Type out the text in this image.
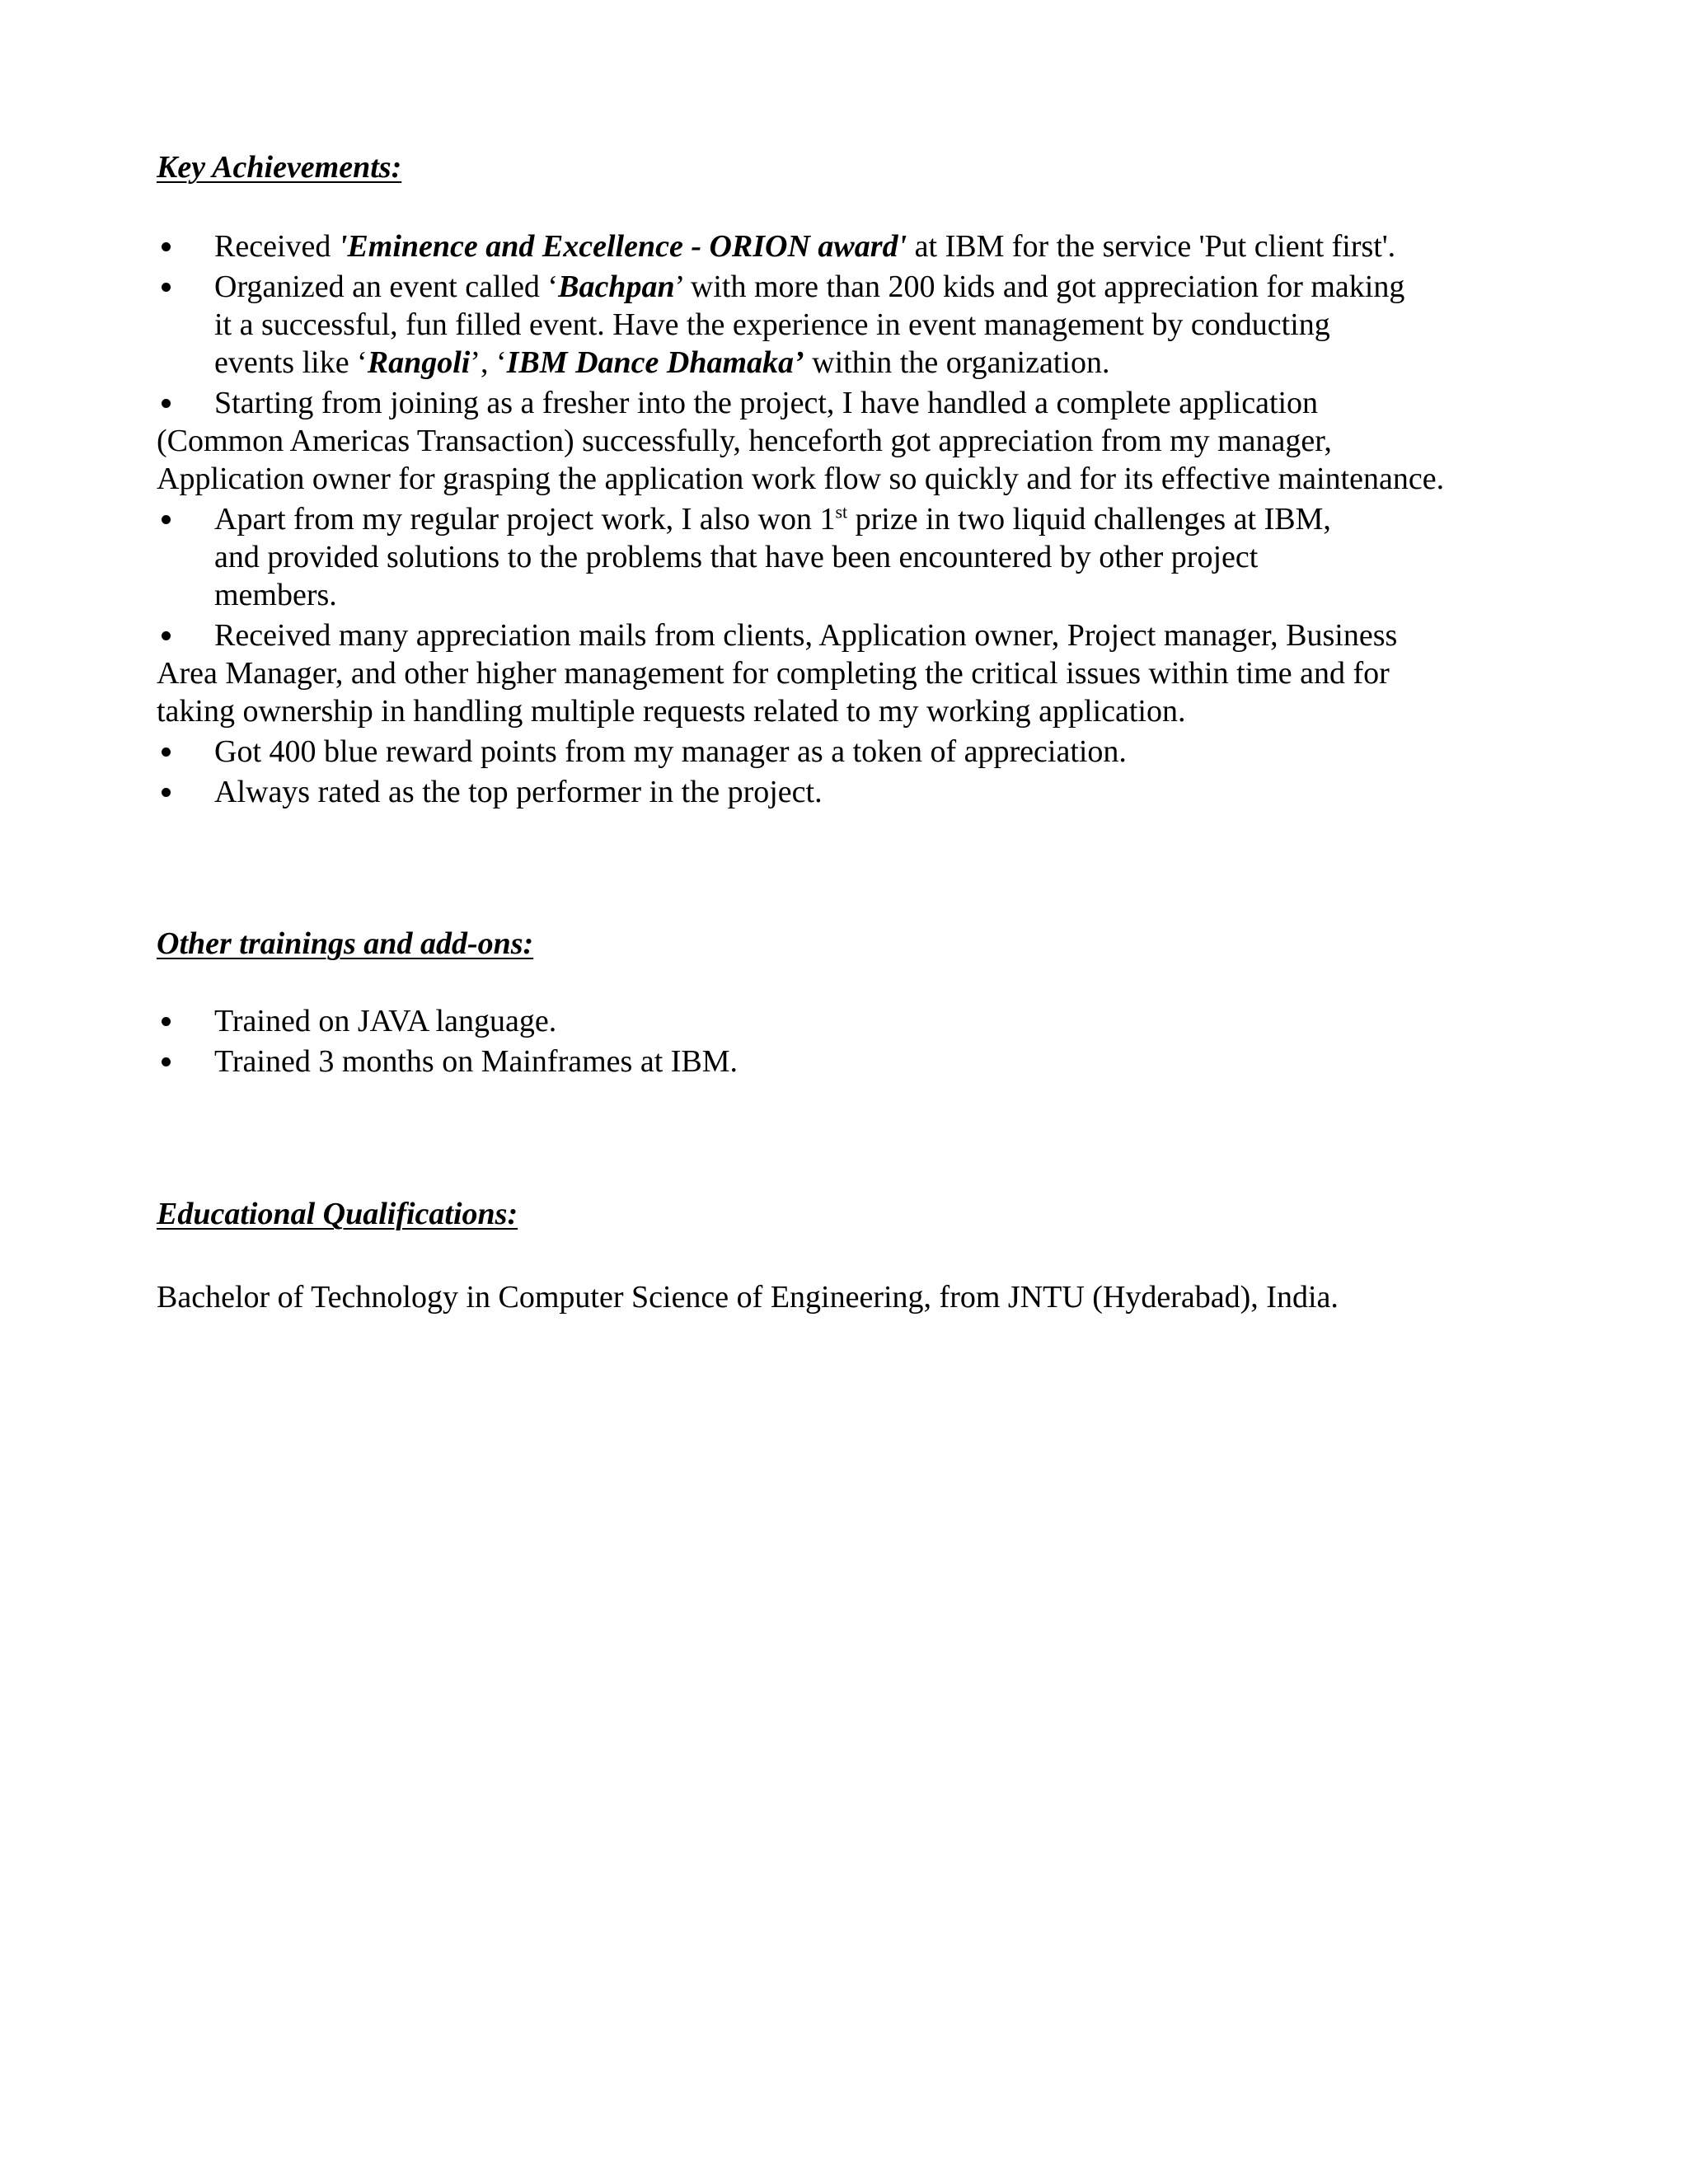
Key Achievements:
Received 'Eminence and Excellence - ORION award' at IBM for the service 'Put client first'.
Organized an event called ‘Bachpan’ with more than 200 kids and got appreciation for making
it a successful, fun filled event. Have the experience in event management by conducting
events like ‘Rangoli’, ‘IBM Dance Dhamaka’ within the organization.
Starting from joining as a fresher into the project, I have handled a complete application
(Common Americas Transaction) successfully, henceforth got appreciation from my manager,
Application owner for grasping the application work flow so quickly and for its effective maintenance.
Apart from my regular project work, I also won 1st prize in two liquid challenges at IBM,
and provided solutions to the problems that have been encountered by other project
members.
Received many appreciation mails from clients, Application owner, Project manager, Business
Area Manager, and other higher management for completing the critical issues within time and for
taking ownership in handling multiple requests related to my working application.
Got 400 blue reward points from my manager as a token of appreciation.
Always rated as the top performer in the project.
Other trainings and add-ons:
Trained on JAVA language.
Trained 3 months on Mainframes at IBM.
Educational Qualifications:

Bachelor of Technology in Computer Science of Engineering, from JNTU (Hyderabad), India.
